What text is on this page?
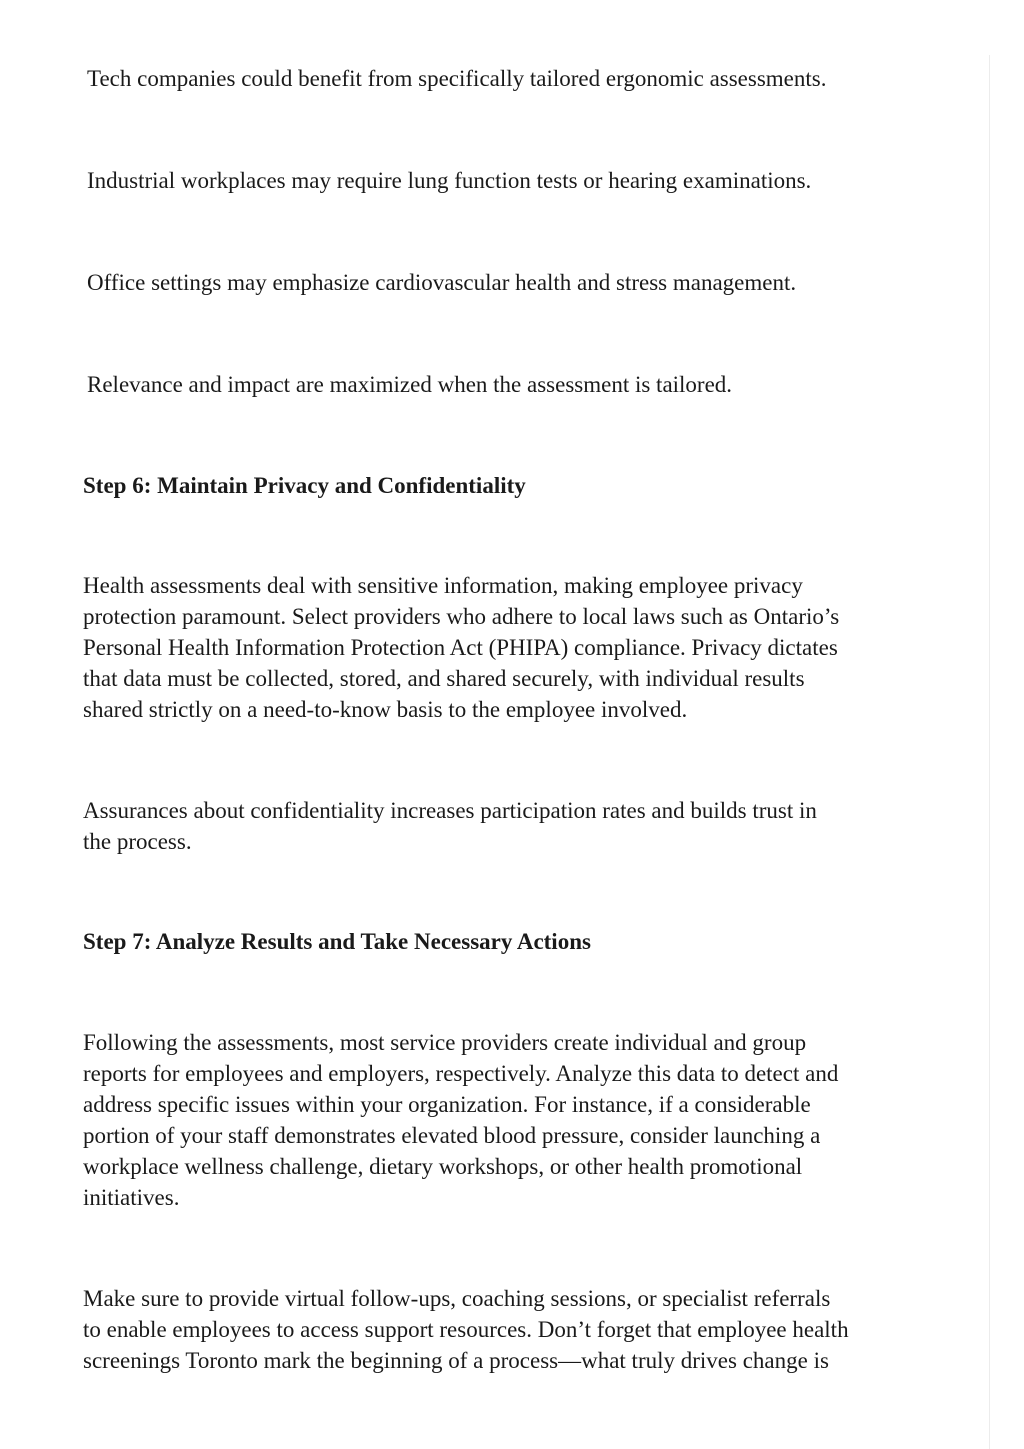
Tech companies could benefit from specifically tailored ergonomic assessments.
Industrial workplaces may require lung function tests or hearing examinations.
Office settings may emphasize cardiovascular health and stress management.
Relevance and impact are maximized when the assessment is tailored.
Step 6: Maintain Privacy and Confidentiality
Health assessments deal with sensitive information, making employee privacy
protection paramount. Select providers who adhere to local laws such as Ontario’s
Personal Health Information Protection Act (PHIPA) compliance. Privacy dictates
that data must be collected, stored, and shared securely, with individual results
shared strictly on a need-to-know basis to the employee involved.
Assurances about confidentiality increases participation rates and builds trust in
the process.
Step 7: Analyze Results and Take Necessary Actions
Following the assessments, most service providers create individual and group
reports for employees and employers, respectively. Analyze this data to detect and
address specific issues within your organization. For instance, if a considerable
portion of your staff demonstrates elevated blood pressure, consider launching a
workplace wellness challenge, dietary workshops, or other health promotional
initiatives.
Make sure to provide virtual follow-ups, coaching sessions, or specialist referrals
to enable employees to access support resources. Don’t forget that employee health
screenings Toronto mark the beginning of a process—what truly drives change is
